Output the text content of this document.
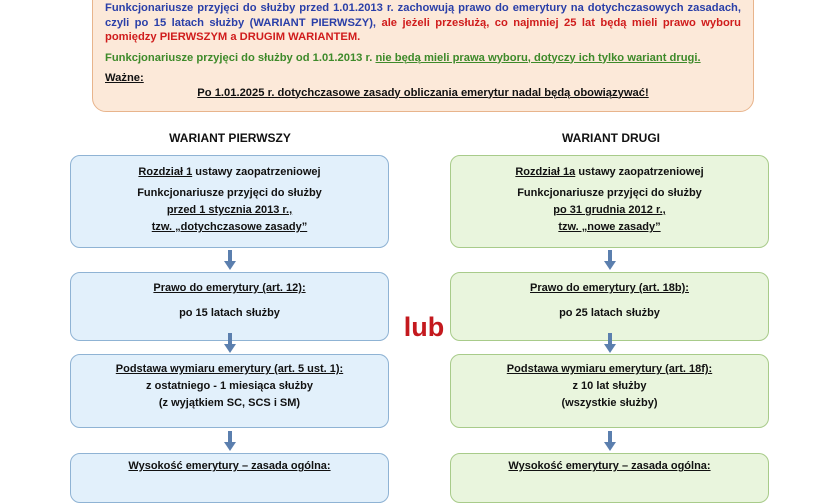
Funkcjonariusze przyjęci do służby przed 1.01.2013 r. zachowują prawo do emerytury na dotychczasowych zasadach, czyli po 15 latach służby (WARIANT PIERWSZY), ale jeżeli przesłużą, co najmniej 25 lat będą mieli prawo wyboru pomiędzy PIERWSZYM a DRUGIM WARIANTEM.

Funkcjonariusze przyjęci do służby od 1.01.2013 r. nie będą mieli prawa wyboru, dotyczy ich tylko wariant drugi.

Ważne:

Po 1.01.2025 r. dotychczasowe zasady obliczania emerytur nadal będą obowiązywać!

WARIANT PIERWSZY	WARIANT DRUGI
Rozdział 1 ustawy zaopatrzeniowej
Funkcjonariusze przyjęci do służby
przed 1 stycznia 2013 r.,
tzw. „dotychczasowe zasady”
Prawo do emerytury (art. 12):
po 15 latach służby
Podstawa wymiaru emerytury (art. 5 ust. 1):
z ostatniego - 1 miesiąca służby
(z wyjątkiem SC, SCS i SM)
Wysokość emerytury – zasada ogólna:
Rozdział 1a ustawy zaopatrzeniowej
Funkcjonariusze przyjęci do służby
po 31 grudnia 2012 r.,
tzw. „nowe zasady”
Prawo do emerytury (art. 18b):
po 25 latach służby
Podstawa wymiaru emerytury (art. 18f):
z 10 lat służby
(wszystkie służby)
Wysokość emerytury – zasada ogólna:
lub
